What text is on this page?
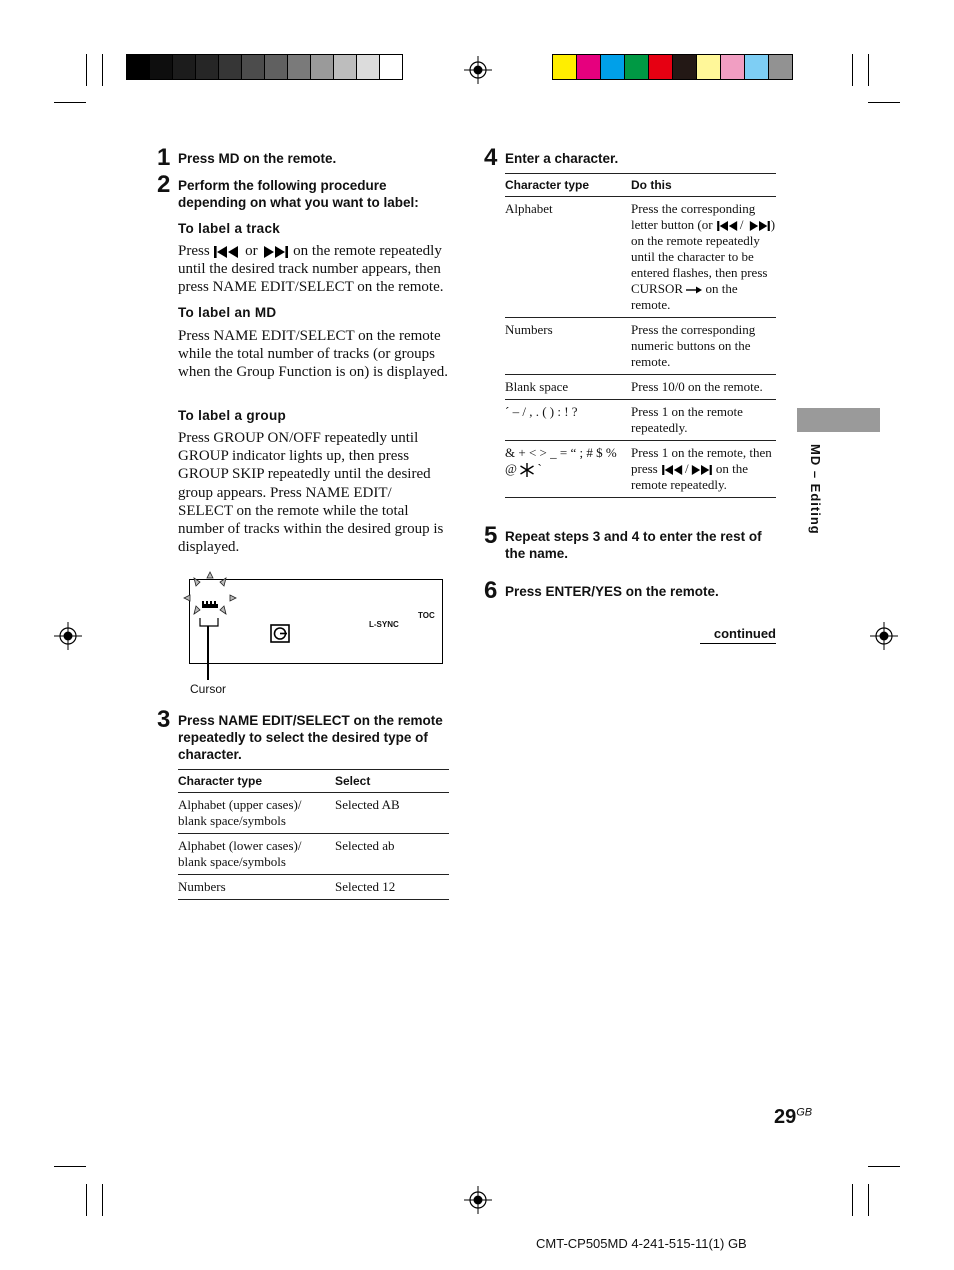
1 Press MD on the remote.
2 Perform the following procedure depending on what you want to label:
To label a track
Press or on the remote repeatedly until the desired track number appears, then press NAME EDIT/SELECT on the remote.
To label an MD
Press NAME EDIT/SELECT on the remote while the total number of tracks (or groups when the Group Function is on) is displayed.
To label a group
Press GROUP ON/OFF repeatedly until GROUP indicator lights up, then press GROUP SKIP repeatedly until the desired group appears. Press NAME EDIT/ SELECT on the remote while the total number of tracks within the desired group is displayed.
L-SYNC
TOC
Cursor
3 Press NAME EDIT/SELECT on the remote repeatedly to select the desired type of character.
Character type	Select
Alphabet (upper cases)/ blank space/symbols	Selected AB
Alphabet (lower cases)/ blank space/symbols	Selected ab
Numbers	Selected 12
4 Enter a character.
Character type	Do this
Alphabet	Press the corresponding letter button (or / ) on the remote repeatedly until the character to be entered flashes, then press CURSOR on the remote.
Numbers	Press the corresponding numeric buttons on the remote.
Blank space	Press 10/0 on the remote.
´ – / , . ( ) : ! ?	Press 1 on the remote repeatedly.
& + < > _ = “ ; # $ % @ `	Press 1 on the remote, then press / on the remote repeatedly.
5 Repeat steps 3 and 4 to enter the rest of the name.
6 Press ENTER/YES on the remote.
continued
MD – Editing
$29^{GB}$
CMT-CP505MD 4-241-515-11(1) GB
